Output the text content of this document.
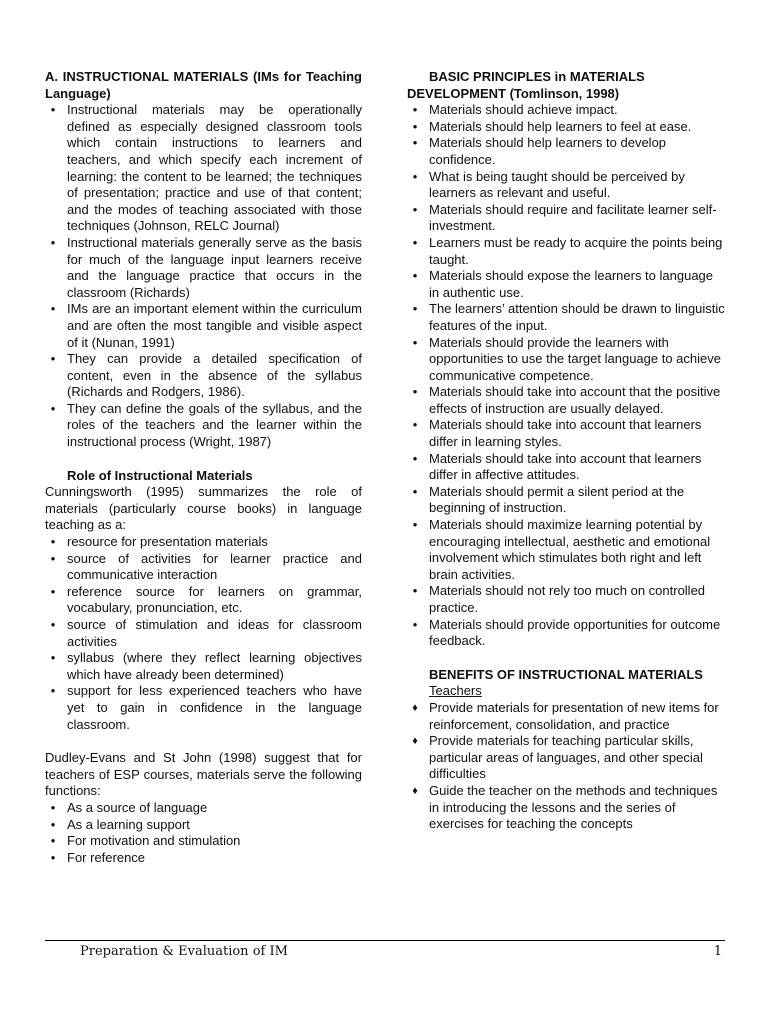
A. INSTRUCTIONAL MATERIALS (IMs for Teaching Language)
• Instructional materials may be operationally defined as especially designed classroom tools which contain instructions to learners and teachers, and which specify each increment of learning: the content to be learned; the techniques of presentation; practice and use of that content; and the modes of teaching associated with those techniques (Johnson, RELC Journal)
• Instructional materials generally serve as the basis for much of the language input learners receive and the language practice that occurs in the classroom (Richards)
• IMs are an important element within the curriculum and are often the most tangible and visible aspect of it (Nunan, 1991)
• They can provide a detailed specification of content, even in the absence of the syllabus (Richards and Rodgers, 1986).
• They can define the goals of the syllabus, and the roles of the teachers and the learner within the instructional process (Wright, 1987)
Role of Instructional Materials
Cunningsworth (1995) summarizes the role of materials (particularly course books) in language teaching as a:
• resource for presentation materials
• source of activities for learner practice and communicative interaction
• reference source for learners on grammar, vocabulary, pronunciation, etc.
• source of stimulation and ideas for classroom activities
• syllabus (where they reflect learning objectives which have already been determined)
• support for less experienced teachers who have yet to gain in confidence in the language classroom.
Dudley-Evans and St John (1998) suggest that for teachers of ESP courses, materials serve the following functions:
• As a source of language
• As a learning support
• For motivation and stimulation
• For reference
BASIC PRINCIPLES in MATERIALS DEVELOPMENT (Tomlinson, 1998)
• Materials should achieve impact.
• Materials should help learners to feel at ease.
• Materials should help learners to develop confidence.
• What is being taught should be perceived by learners as relevant and useful.
• Materials should require and facilitate learner self-investment.
• Learners must be ready to acquire the points being taught.
• Materials should expose the learners to language in authentic use.
• The learners’ attention should be drawn to linguistic features of the input.
• Materials should provide the learners with opportunities to use the target language to achieve communicative competence.
• Materials should take into account that the positive effects of instruction are usually delayed.
• Materials should take into account that learners differ in learning styles.
• Materials should take into account that learners differ in affective attitudes.
• Materials should permit a silent period at the beginning of instruction.
• Materials should maximize learning potential by encouraging intellectual, aesthetic and emotional involvement which stimulates both right and left brain activities.
• Materials should not rely too much on controlled practice.
• Materials should provide opportunities for outcome feedback.
BENEFITS OF INSTRUCTIONAL MATERIALS
Teachers
♦ Provide materials for presentation of new items for reinforcement, consolidation, and practice
♦ Provide materials for teaching particular skills, particular areas of languages, and other special difficulties
♦ Guide the teacher on the methods and techniques in introducing the lessons and the series of exercises for teaching the concepts
Preparation & Evaluation of IM	1
